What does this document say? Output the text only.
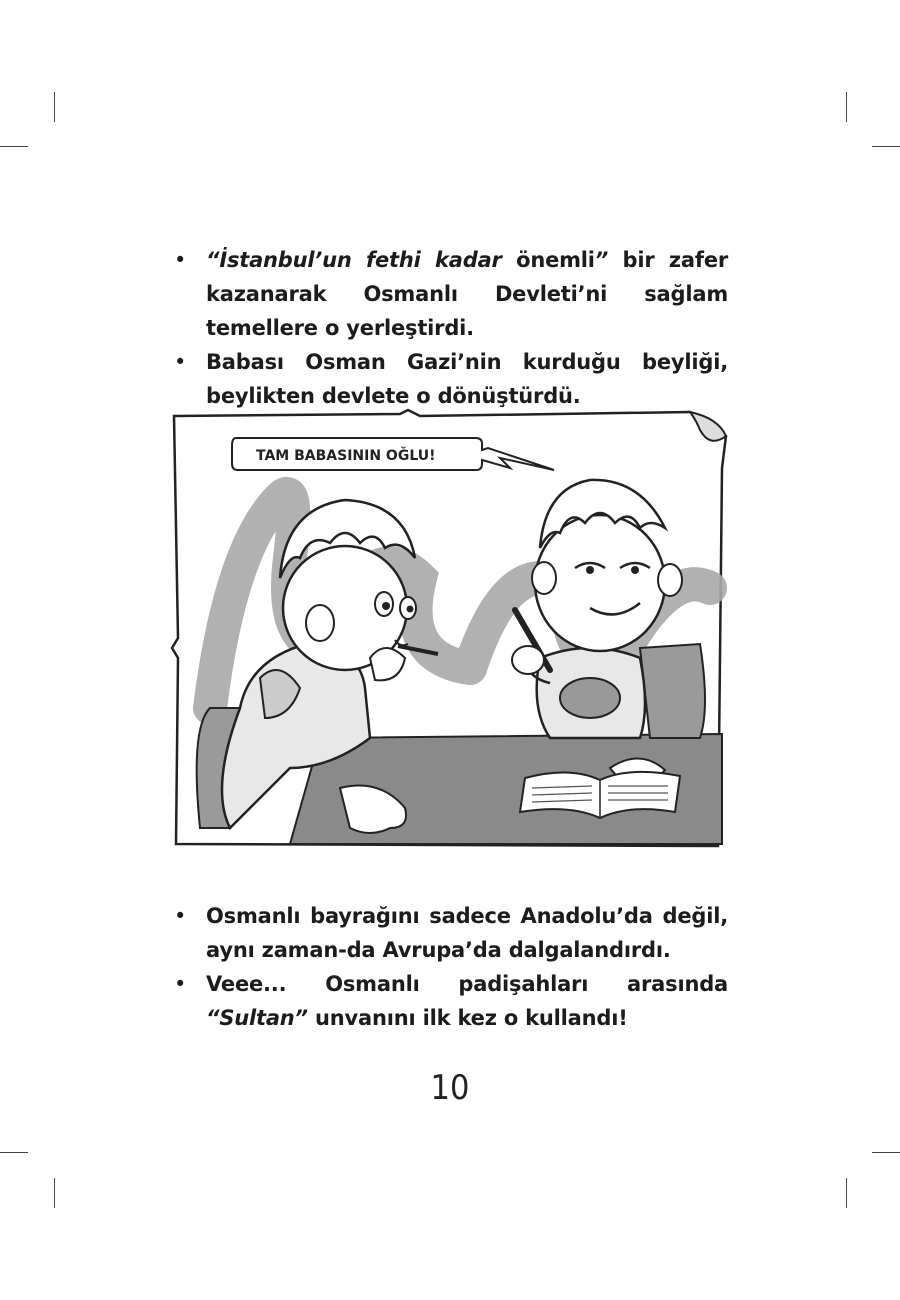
• “İstanbul’un fethi kadar önemli” bir zafer kazanarak Osmanlı Devleti’ni sağlam temellere o yerleştirdi.
• Babası Osman Gazi’nin kurduğu beyliği, beylikten devlete o dönüştürdü.
TAM BABASININ OĞLU!
• Osmanlı bayrağını sadece Anadolu’da değil, aynı zaman-da Avrupa’da dalgalandırdı.
• Veee... Osmanlı padişahları arasında “Sultan” unvanını ilk kez o kullandı!
10
